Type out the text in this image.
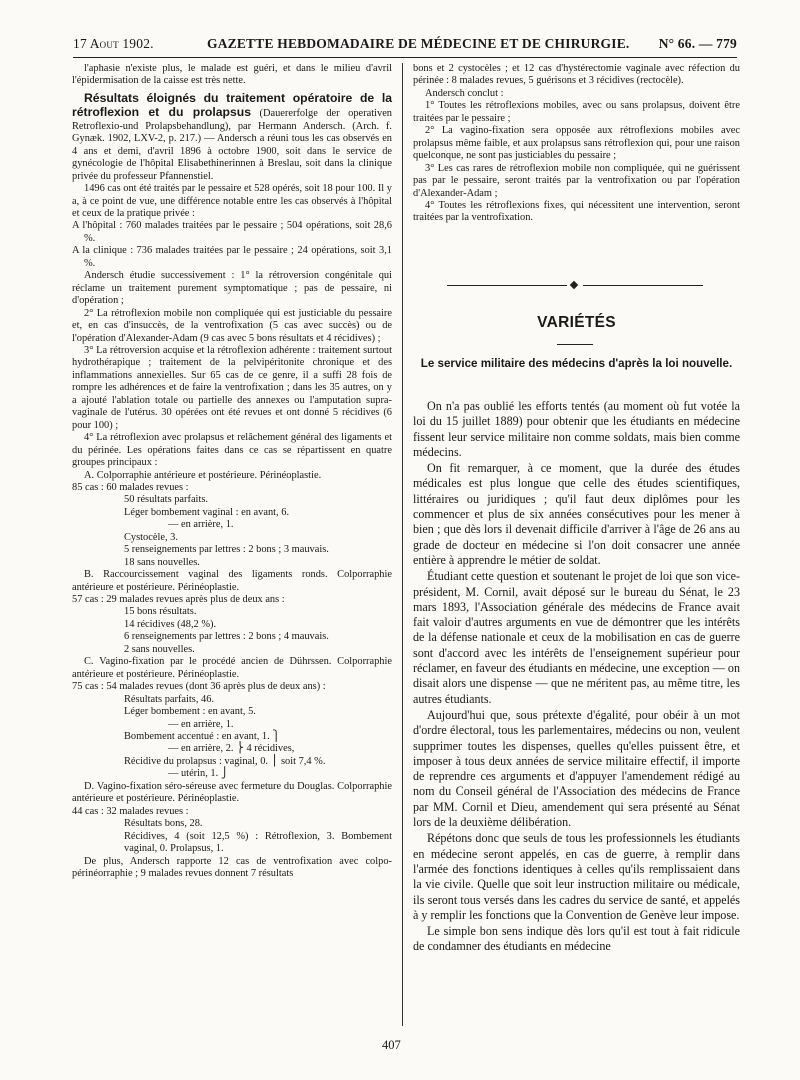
17 Aout 1902.	GAZETTE HEBDOMADAIRE DE MÉDECINE ET DE CHIRURGIE. N° 66. — 779

l'aphasie n'existe plus, le malade est guéri, et dans le milieu d'avril l'épidermisation de la caisse est très nette.

Résultats éloignés du traitement opératoire de la rétroflexion et du prolapsus (Dauererfolge der operativen Retroflexio-und Prolapsbehandlung), par Hermann Andersch. (Arch. f. Gynæk. 1902, LXV-2, p. 217.) — Andersch a réuni tous les cas observés en 4 ans et demi, d'avril 1896 à octobre 1900, soit dans le service de gynécologie de l'hôpital Elisabethinerinnen à Breslau, soit dans la clinique privée du professeur Pfannenstiel.

1496 cas ont été traités par le pessaire et 528 opérés, soit 18 pour 100. Il y a, à ce point de vue, une différence notable entre les cas observés à l'hôpital et ceux de la pratique privée :

A l'hôpital : 760 malades traitées par le pessaire ; 504 opérations, soit 28,6 %.

A la clinique : 736 malades traitées par le pessaire ; 24 opérations, soit 3,1 %.

Andersch étudie successivement : 1° la rétroversion congénitale qui réclame un traitement purement symptomatique ; pas de pessaire, ni d'opération ;

2° La rétroflexion mobile non compliquée qui est justiciable du pessaire et, en cas d'insuccès, de la ventrofixation (5 cas avec succès) ou de l'opération d'Alexander-Adam (9 cas avec 5 bons résultats et 4 récidives) ;

3° La rétroversion acquise et la rétroflexion adhérente : traitement surtout hydrothérapique ; traitement de la pelvipéritonite chronique et des inflammations annexielles. Sur 65 cas de ce genre, il a suffi 28 fois de rompre les adhérences et de faire la ventrofixation ; dans les 35 autres, on y a ajouté l'ablation totale ou partielle des annexes ou l'amputation supra-vaginale de l'utérus. 30 opérées ont été revues et ont donné 5 récidives (6 pour 100) ;

4° La rétroflexion avec prolapsus et relâchement général des ligaments et du périnée. Les opérations faites dans ce cas se répartissent en quatre groupes principaux :

A. Colporraphie antérieure et postérieure. Périnéoplastie.

85 cas : 60 malades revues :

50 résultats parfaits.

Léger bombement vaginal : en avant, 6.

— en arrière, 1.

Cystocèle, 3.

5 renseignements par lettres : 2 bons ; 3 mauvais.

18 sans nouvelles.

B. Raccourcissement vaginal des ligaments ronds. Colporraphie antérieure et postérieure. Périnéoplastie.

57 cas : 29 malades revues après plus de deux ans :

15 bons résultats.

14 récidives (48,2 %).

6 renseignements par lettres : 2 bons ; 4 mauvais.

2 sans nouvelles.

C. Vagino-fixation par le procédé ancien de Dührssen. Colporraphie antérieure et postérieure. Périnéoplastie.

75 cas : 54 malades revues (dont 36 après plus de deux ans) :

Résultats parfaits, 46.

Léger bombement : en avant, 5.

— en arrière, 1.

Bombement accentué : en avant, 1. ⎫

— en arrière, 2. ⎬ 4 récidives,

Récidive du prolapsus : vaginal, 0. ⎪ soit 7,4 %.

— utérin, 1. ⎭

D. Vagino-fixation séro-séreuse avec fermeture du Douglas. Colporraphie antérieure et postérieure. Périnéoplastie.

44 cas : 32 malades revues :

Résultats bons, 28.

Récidives, 4 (soit 12,5 %) : Rétroflexion, 3. Bombement vaginal, 0. Prolapsus, 1.

De plus, Andersch rapporte 12 cas de ventrofixation avec colpo-périnéorraphie ; 9 malades revues donnent 7 résultats

bons et 2 cystocèles ; et 12 cas d'hystérectomie vaginale avec réfection du périnée : 8 malades revues, 5 guérisons et 3 récidives (rectocèle).

Andersch conclut :

1° Toutes les rétroflexions mobiles, avec ou sans prolapsus, doivent être traitées par le pessaire ;

2° La vagino-fixation sera opposée aux rétroflexions mobiles avec prolapsus même faible, et aux prolapsus sans rétroflexion qui, pour une raison quelconque, ne sont pas justiciables du pessaire ;

3° Les cas rares de rétroflexion mobile non compliquée, qui ne guérissent pas par le pessaire, seront traités par la ventrofixation ou par l'opération d'Alexander-Adam ;

4° Toutes les rétroflexions fixes, qui nécessitent une intervention, seront traitées par la ventrofixation.

VARIÉTÉS
Le service militaire des médecins d'après la loi nouvelle.

On n'a pas oublié les efforts tentés (au moment où fut votée la loi du 15 juillet 1889) pour obtenir que les étudiants en médecine fissent leur service militaire non comme soldats, mais bien comme médecins.

On fit remarquer, à ce moment, que la durée des études médicales est plus longue que celle des études scientifiques, littéraires ou juridiques ; qu'il faut deux diplômes pour les commencer et plus de six années consécutives pour les mener à bien ; que dès lors il devenait difficile d'arriver à l'âge de 26 ans au grade de docteur en médecine si l'on doit consacrer une année entière à apprendre le métier de soldat.

Étudiant cette question et soutenant le projet de loi que son vice-président, M. Cornil, avait déposé sur le bureau du Sénat, le 23 mars 1893, l'Association générale des médecins de France avait fait valoir d'autres arguments en vue de démontrer que les intérêts de la défense nationale et ceux de la mobilisation en cas de guerre sont d'accord avec les intérêts de l'enseignement supérieur pour réclamer, en faveur des étudiants en médecine, une exception — on disait alors une dispense — que ne méritent pas, au même titre, les autres étudiants.

Aujourd'hui que, sous prétexte d'égalité, pour obéir à un mot d'ordre électoral, tous les parlementaires, médecins ou non, veulent supprimer toutes les dispenses, quelles qu'elles puissent être, et imposer à tous deux années de service militaire effectif, il importe de reprendre ces arguments et d'appuyer l'amendement rédigé au nom du Conseil général de l'Association des médecins de France par MM. Cornil et Dieu, amendement qui sera présenté au Sénat lors de la deuxième délibération.

Répétons donc que seuls de tous les professionnels les étudiants en médecine seront appelés, en cas de guerre, à remplir dans l'armée des fonctions identiques à celles qu'ils remplissaient dans la vie civile. Quelle que soit leur instruction militaire ou médicale, ils seront tous versés dans les cadres du service de santé, et appelés à y remplir les fonctions que la Convention de Genève leur impose.

Le simple bon sens indique dès lors qu'il est tout à fait ridicule de condamner des étudiants en médecine

407
